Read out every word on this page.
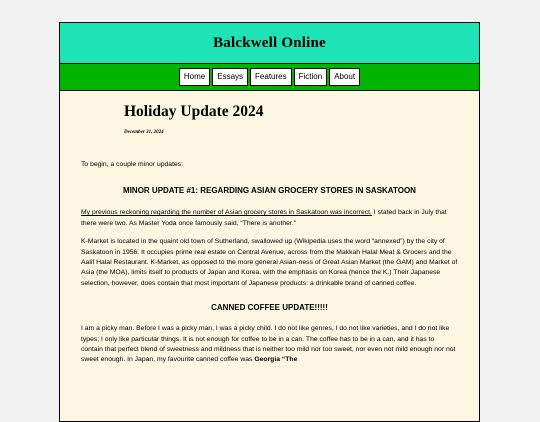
Balckwell Online
Home	Essays	Features	Fiction	About
Holiday Update 2024
December 31, 2024

To begin, a couple minor updates:

MINOR UPDATE #1: REGARDING ASIAN GROCERY STORES IN SASKATOON

My previous reckoning regarding the number of Asian grocery stores in Saskatoon was incorrect. I stated back in July that there were two. As Master Yoda once famously said, “There is another.”

K-Market is located in the quaint old town of Sutherland, swallowed up (Wikipedia uses the word “annexed”) by the city of Saskatoon in 1956. It occupies prime real estate on Central Avenue, across from the Makkah Halal Meat & Grocers and the Aalif Halal Restaurant. K-Market, as opposed to the more general Asian-ness of Great Asian Market (the GAM) and Market of Asia (the MOA), limits itself to products of Japan and Korea, with the emphasis on Korea (hence the K.) Their Japanese selection, however, does contain that most important of Japanese products: a drinkable brand of canned coffee.

CANNED COFFEE UPDATE!!!!!

I am a picky man. Before I was a picky man, I was a picky child. I do not like genres, I do not like varieties, and I do not like types; I only like particular things. It is not enough for coffee to be in a can. The coffee has to be in a can, and it has to contain that perfect blend of sweetness and mildness that is neither too mild nor too sweet, nor even not mild enough nor not sweet enough. In Japan, my favourite canned coffee was Georgia “The
